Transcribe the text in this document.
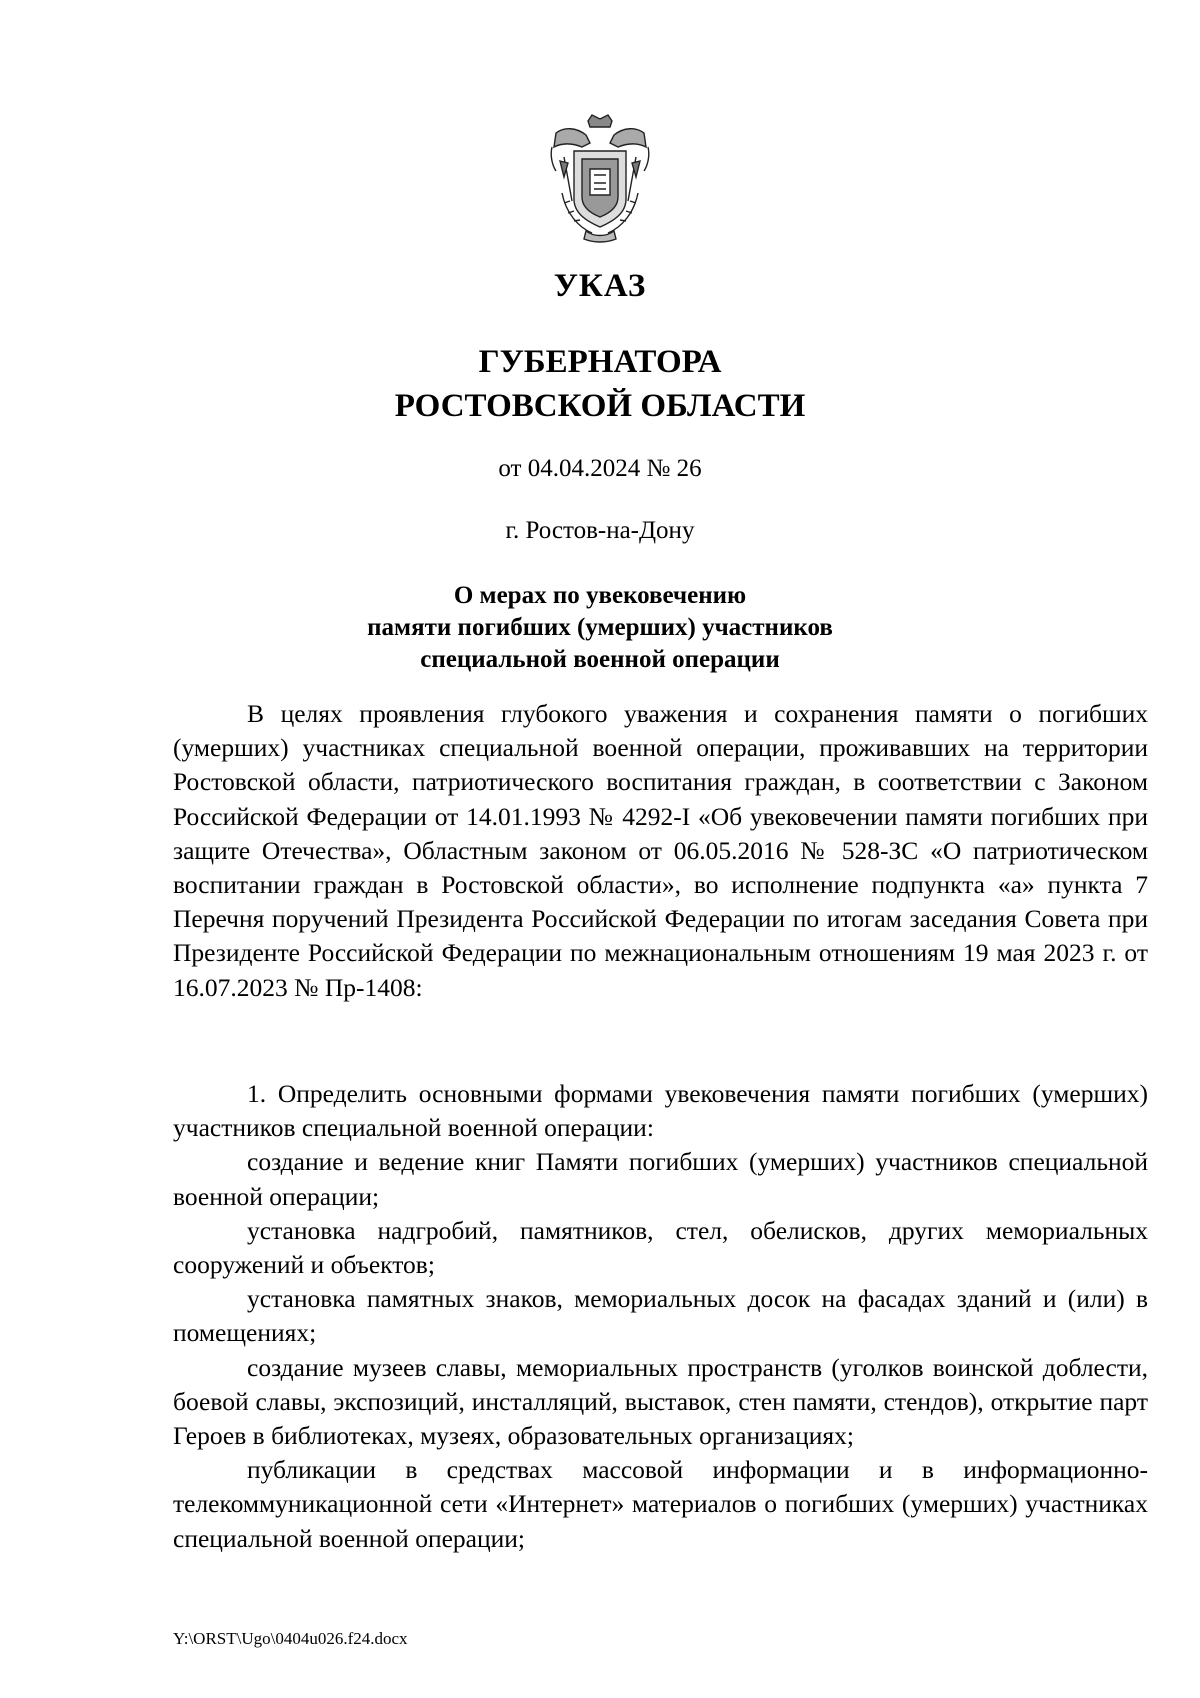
УКАЗ
ГУБЕРНАТОРА
РОСТОВСКОЙ ОБЛАСТИ
от 04.04.2024 № 26
г. Ростов-на-Дону
О мерах по увековечению
памяти погибших (умерших) участников
специальной военной операции

В целях проявления глубокого уважения и сохранения памяти о погибших (умерших) участниках специальной военной операции, проживавших на территории Ростовской области, патриотического воспитания граждан, в соответствии с Законом Российской Федерации от 14.01.1993 № 4292-I «Об увековечении памяти погибших при защите Отечества», Областным законом от 06.05.2016 № 528-ЗС «О патриотическом воспитании граждан в Ростовской области», во исполнение подпункта «а» пункта 7 Перечня поручений Президента Российской Федерации по итогам заседания Совета при Президенте Российской Федерации по межнациональным отношениям 19 мая 2023 г. от 16.07.2023 № Пр-1408:

1. Определить основными формами увековечения памяти погибших (умерших) участников специальной военной операции:

создание и ведение книг Памяти погибших (умерших) участников специальной военной операции;

установка надгробий, памятников, стел, обелисков, других мемориальных сооружений и объектов;

установка памятных знаков, мемориальных досок на фасадах зданий и (или) в помещениях;

создание музеев славы, мемориальных пространств (уголков воинской доблести, боевой славы, экспозиций, инсталляций, выставок, стен памяти, стендов), открытие парт Героев в библиотеках, музеях, образовательных организациях;

публикации в средствах массовой информации и в информационно-телекоммуникационной сети «Интернет» материалов о погибших (умерших) участниках специальной военной операции;

Y:\ORST\Ugo\0404u026.f24.docx
